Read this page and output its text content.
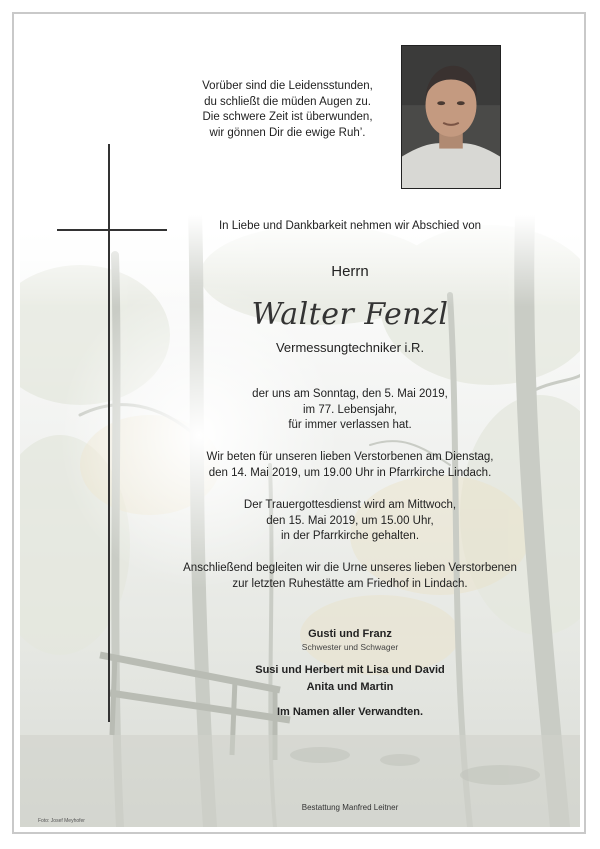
Vorüber sind die Leidensstunden,
du schließt die müden Augen zu.
Die schwere Zeit ist überwunden,
wir gönnen Dir die ewige Ruh’.
In Liebe und Dankbarkeit nehmen wir Abschied von
Herrn
Walter Fenzl
Vermessungtechniker i.R.
der uns am Sonntag, den 5. Mai 2019,
im 77. Lebensjahr,
für immer verlassen hat.
Wir beten für unseren lieben Verstorbenen am Dienstag,
den 14. Mai 2019, um 19.00 Uhr in Pfarrkirche Lindach.
Der Trauergottesdienst wird am Mittwoch,
den 15. Mai 2019, um 15.00 Uhr,
in der Pfarrkirche gehalten.
Anschließend begleiten wir die Urne unseres lieben Verstorbenen
zur letzten Ruhestätte am Friedhof in Lindach.
Gusti und Franz
Schwester und Schwager
Susi und Herbert mit Lisa und David
Anita und Martin
Im Namen aller Verwandten.
Bestattung Manfred Leitner
Foto: Josef Meyhofer
